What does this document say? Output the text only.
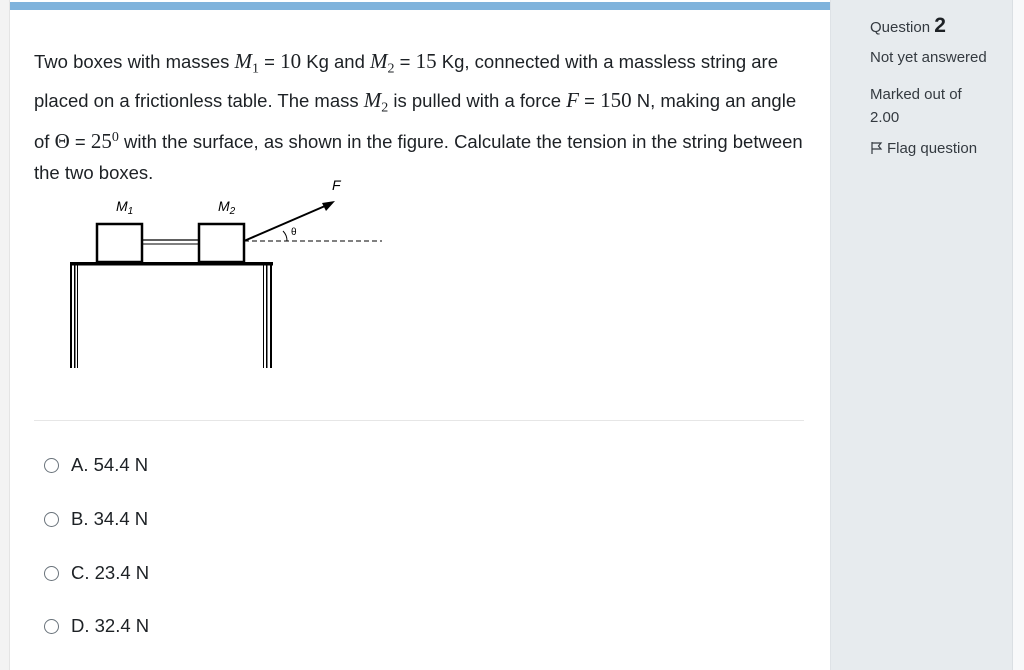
Two boxes with masses $M_1 = 10$ Kg and $M_2 = 15$ Kg, connected with a massless string are placed on a frictionless table. The mass $M_2$ is pulled with a force F = 150 N, making an angle of $\Theta = 25^0$ with the surface, as shown in the figure. Calculate the tension in the string between the two boxes.
$M_1$	$M_2$
F
θ
A. 54.4 N
B. 34.4 N
C. 23.4 N
D. 32.4 N
Question 2
Not yet answered
Marked out of
2.00
Flag question
